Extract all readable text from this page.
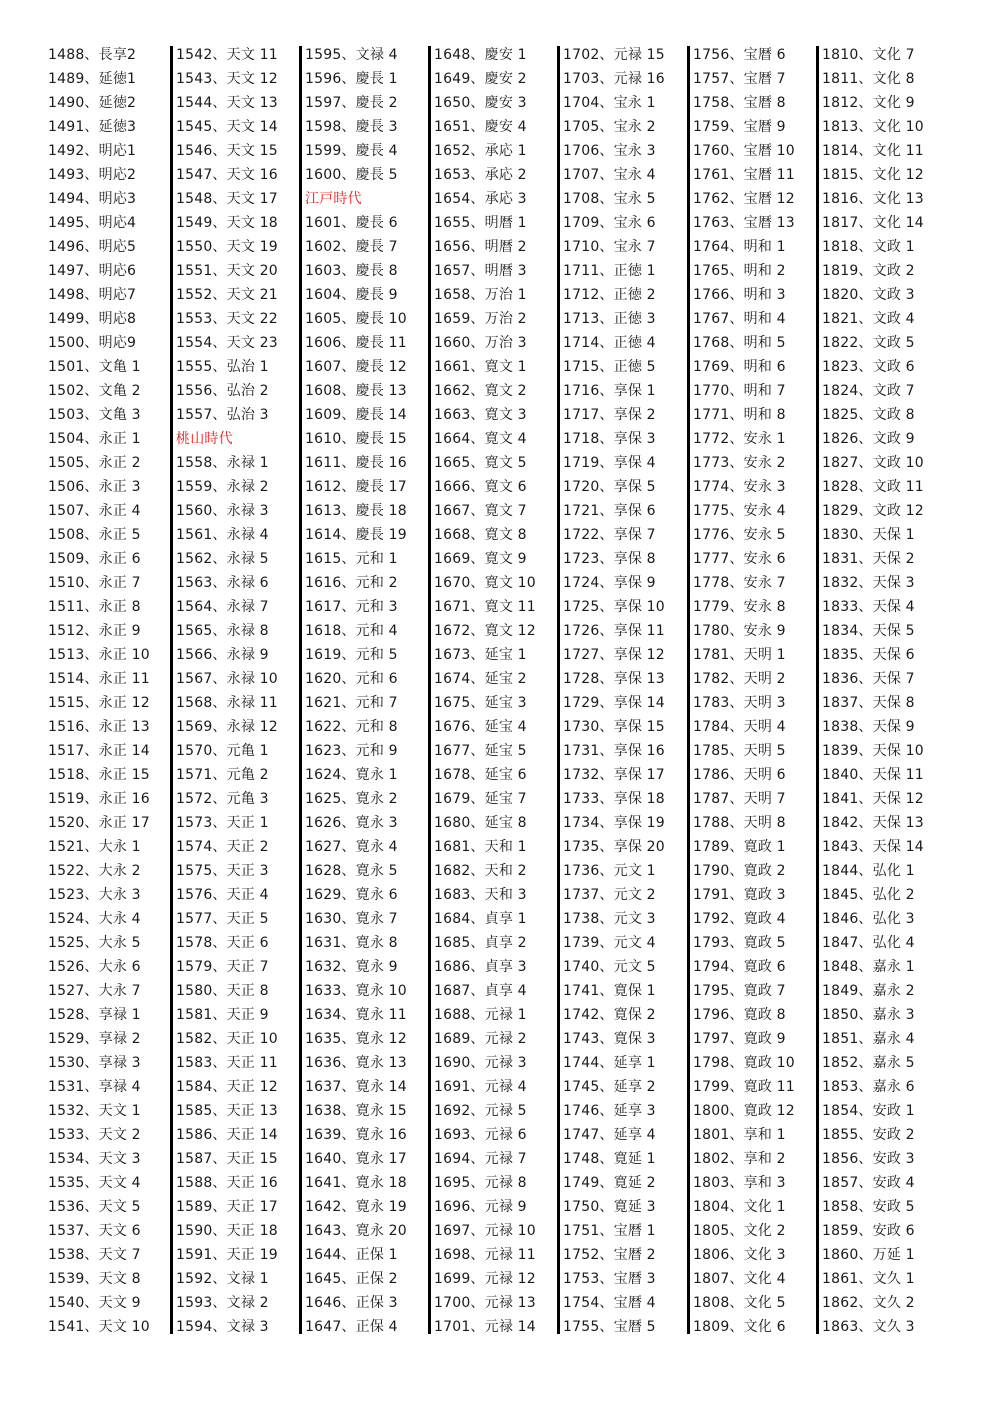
1488、長享2
1489、延徳1
1490、延徳2
1491、延徳3
1492、明応1
1493、明応2
1494、明応3
1495、明応4
1496、明応5
1497、明応6
1498、明応7
1499、明応8
1500、明応9
1501、文亀 1
1502、文亀 2
1503、文亀 3
1504、永正 1
1505、永正 2
1506、永正 3
1507、永正 4
1508、永正 5
1509、永正 6
1510、永正 7
1511、永正 8
1512、永正 9
1513、永正 10
1514、永正 11
1515、永正 12
1516、永正 13
1517、永正 14
1518、永正 15
1519、永正 16
1520、永正 17
1521、大永 1
1522、大永 2
1523、大永 3
1524、大永 4
1525、大永 5
1526、大永 6
1527、大永 7
1528、享禄 1
1529、享禄 2
1530、享禄 3
1531、享禄 4
1532、天文 1
1533、天文 2
1534、天文 3
1535、天文 4
1536、天文 5
1537、天文 6
1538、天文 7
1539、天文 8
1540、天文 9
1541、天文 10
1542、天文 11
1543、天文 12
1544、天文 13
1545、天文 14
1546、天文 15
1547、天文 16
1548、天文 17
1549、天文 18
1550、天文 19
1551、天文 20
1552、天文 21
1553、天文 22
1554、天文 23
1555、弘治 1
1556、弘治 2
1557、弘治 3
桃山時代
1558、永禄 1
1559、永禄 2
1560、永禄 3
1561、永禄 4
1562、永禄 5
1563、永禄 6
1564、永禄 7
1565、永禄 8
1566、永禄 9
1567、永禄 10
1568、永禄 11
1569、永禄 12
1570、元亀 1
1571、元亀 2
1572、元亀 3
1573、天正 1
1574、天正 2
1575、天正 3
1576、天正 4
1577、天正 5
1578、天正 6
1579、天正 7
1580、天正 8
1581、天正 9
1582、天正 10
1583、天正 11
1584、天正 12
1585、天正 13
1586、天正 14
1587、天正 15
1588、天正 16
1589、天正 17
1590、天正 18
1591、天正 19
1592、文禄 1
1593、文禄 2
1594、文禄 3
1595、文禄 4
1596、慶長 1
1597、慶長 2
1598、慶長 3
1599、慶長 4
1600、慶長 5
江戸時代
1601、慶長 6
1602、慶長 7
1603、慶長 8
1604、慶長 9
1605、慶長 10
1606、慶長 11
1607、慶長 12
1608、慶長 13
1609、慶長 14
1610、慶長 15
1611、慶長 16
1612、慶長 17
1613、慶長 18
1614、慶長 19
1615、元和 1
1616、元和 2
1617、元和 3
1618、元和 4
1619、元和 5
1620、元和 6
1621、元和 7
1622、元和 8
1623、元和 9
1624、寛永 1
1625、寛永 2
1626、寛永 3
1627、寛永 4
1628、寛永 5
1629、寛永 6
1630、寛永 7
1631、寛永 8
1632、寛永 9
1633、寛永 10
1634、寛永 11
1635、寛永 12
1636、寛永 13
1637、寛永 14
1638、寛永 15
1639、寛永 16
1640、寛永 17
1641、寛永 18
1642、寛永 19
1643、寛永 20
1644、正保 1
1645、正保 2
1646、正保 3
1647、正保 4
1648、慶安 1
1649、慶安 2
1650、慶安 3
1651、慶安 4
1652、承応 1
1653、承応 2
1654、承応 3
1655、明暦 1
1656、明暦 2
1657、明暦 3
1658、万治 1
1659、万治 2
1660、万治 3
1661、寛文 1
1662、寛文 2
1663、寛文 3
1664、寛文 4
1665、寛文 5
1666、寛文 6
1667、寛文 7
1668、寛文 8
1669、寛文 9
1670、寛文 10
1671、寛文 11
1672、寛文 12
1673、延宝 1
1674、延宝 2
1675、延宝 3
1676、延宝 4
1677、延宝 5
1678、延宝 6
1679、延宝 7
1680、延宝 8
1681、天和 1
1682、天和 2
1683、天和 3
1684、貞享 1
1685、貞享 2
1686、貞享 3
1687、貞享 4
1688、元禄 1
1689、元禄 2
1690、元禄 3
1691、元禄 4
1692、元禄 5
1693、元禄 6
1694、元禄 7
1695、元禄 8
1696、元禄 9
1697、元禄 10
1698、元禄 11
1699、元禄 12
1700、元禄 13
1701、元禄 14
1702、元禄 15
1703、元禄 16
1704、宝永 1
1705、宝永 2
1706、宝永 3
1707、宝永 4
1708、宝永 5
1709、宝永 6
1710、宝永 7
1711、正徳 1
1712、正徳 2
1713、正徳 3
1714、正徳 4
1715、正徳 5
1716、享保 1
1717、享保 2
1718、享保 3
1719、享保 4
1720、享保 5
1721、享保 6
1722、享保 7
1723、享保 8
1724、享保 9
1725、享保 10
1726、享保 11
1727、享保 12
1728、享保 13
1729、享保 14
1730、享保 15
1731、享保 16
1732、享保 17
1733、享保 18
1734、享保 19
1735、享保 20
1736、元文 1
1737、元文 2
1738、元文 3
1739、元文 4
1740、元文 5
1741、寛保 1
1742、寛保 2
1743、寛保 3
1744、延享 1
1745、延享 2
1746、延享 3
1747、延享 4
1748、寛延 1
1749、寛延 2
1750、寛延 3
1751、宝暦 1
1752、宝暦 2
1753、宝暦 3
1754、宝暦 4
1755、宝暦 5
1756、宝暦 6
1757、宝暦 7
1758、宝暦 8
1759、宝暦 9
1760、宝暦 10
1761、宝暦 11
1762、宝暦 12
1763、宝暦 13
1764、明和 1
1765、明和 2
1766、明和 3
1767、明和 4
1768、明和 5
1769、明和 6
1770、明和 7
1771、明和 8
1772、安永 1
1773、安永 2
1774、安永 3
1775、安永 4
1776、安永 5
1777、安永 6
1778、安永 7
1779、安永 8
1780、安永 9
1781、天明 1
1782、天明 2
1783、天明 3
1784、天明 4
1785、天明 5
1786、天明 6
1787、天明 7
1788、天明 8
1789、寛政 1
1790、寛政 2
1791、寛政 3
1792、寛政 4
1793、寛政 5
1794、寛政 6
1795、寛政 7
1796、寛政 8
1797、寛政 9
1798、寛政 10
1799、寛政 11
1800、寛政 12
1801、享和 1
1802、享和 2
1803、享和 3
1804、文化 1
1805、文化 2
1806、文化 3
1807、文化 4
1808、文化 5
1809、文化 6
1810、文化 7
1811、文化 8
1812、文化 9
1813、文化 10
1814、文化 11
1815、文化 12
1816、文化 13
1817、文化 14
1818、文政 1
1819、文政 2
1820、文政 3
1821、文政 4
1822、文政 5
1823、文政 6
1824、文政 7
1825、文政 8
1826、文政 9
1827、文政 10
1828、文政 11
1829、文政 12
1830、天保 1
1831、天保 2
1832、天保 3
1833、天保 4
1834、天保 5
1835、天保 6
1836、天保 7
1837、天保 8
1838、天保 9
1839、天保 10
1840、天保 11
1841、天保 12
1842、天保 13
1843、天保 14
1844、弘化 1
1845、弘化 2
1846、弘化 3
1847、弘化 4
1848、嘉永 1
1849、嘉永 2
1850、嘉永 3
1851、嘉永 4
1852、嘉永 5
1853、嘉永 6
1854、安政 1
1855、安政 2
1856、安政 3
1857、安政 4
1858、安政 5
1859、安政 6
1860、万延 1
1861、文久 1
1862、文久 2
1863、文久 3
